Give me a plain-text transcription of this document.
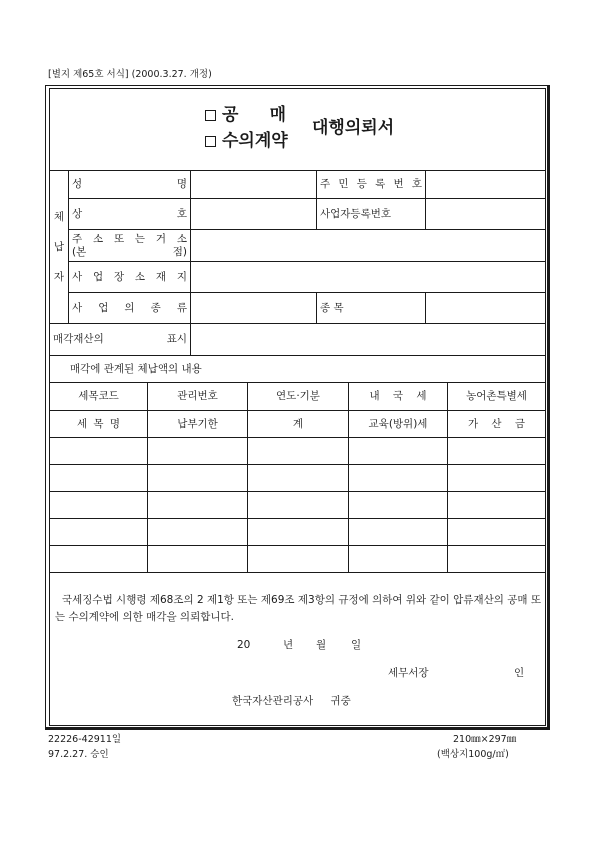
[별지 제65호 서식] (2000.3.27. 개정)
공 매
수의계약
대행의뢰서
체
납
자
성 명	주 민 등 록 번 호
상 호	사업자등록번호
주 소 또 는 거 소
(본 점)
사 업 장 소 재 지
사 업 의 종 류	종 목
매각재산의 표시
매각에 관계된 체납액의 내용
세목코드	관리번호	연도·기분	내 국 세	농어촌특별세
세 목 명	납부기한	계	교육(방위)세	가 산 금
국세징수법 시행령 제68조의 2 제1항 또는 제69조 제3항의 규정에 의하여 위와 같이 압류재산의 공매 또는 수의계약에 의한 매각을 의뢰합니다.
20	년 월 일
세무서장	인
한국자산관리공사 귀중
22226-42911일
97.2.27. 승인
210㎜×297㎜
(백상지100g/㎡)
